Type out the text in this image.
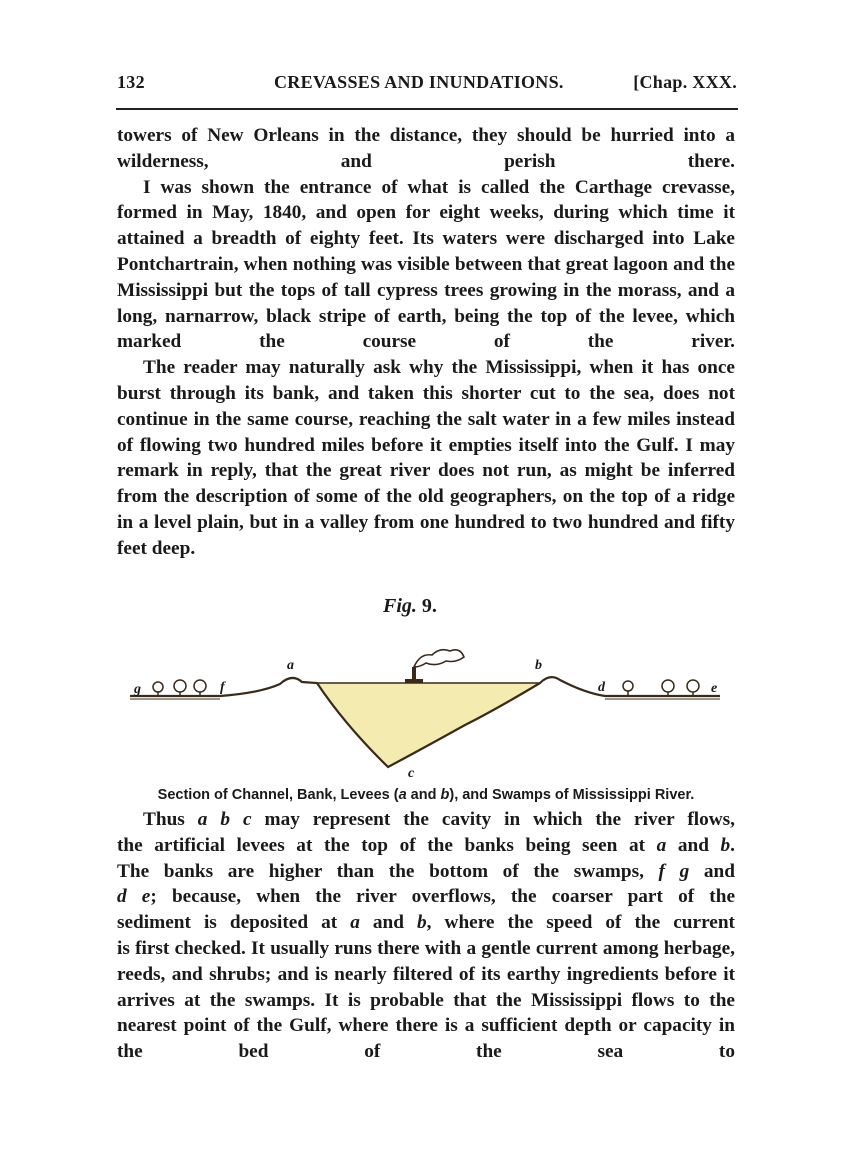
132	CREVASSES AND INUNDATIONS.	[Chap. XXX.

towers of New Orleans in the distance, they should be hurried into a wilderness, and perish there.

I was shown the entrance of what is called the Carthage crevasse, formed in May, 1840, and open for eight weeks, during which time it attained a breadth of eighty feet. Its waters were discharged into Lake Pontchartrain, when nothing was visible between that great lagoon and the Mississippi but the tops of tall cypress trees growing in the morass, and a long, narnarrow, black stripe of earth, being the top of the levee, which marked the course of the river.

The reader may naturally ask why the Mississippi, when it has once burst through its bank, and taken this shorter cut to the sea, does not continue in the same course, reaching the salt water in a few miles instead of flowing two hundred miles before it empties itself into the Gulf. I may remark in reply, that the great river does not run, as might be inferred from the description of some of the old geographers, on the top of a ridge in a level plain, but in a valley from one hundred to two hundred and fifty feet deep.

Fig. 9.
g	f
a	b
d	e
c
Section of Channel, Bank, Levees (a and b), and Swamps of Mississippi River.

Thus a b c may represent the cavity in which the river flows,

the artificial levees at the top of the banks being seen at a and b.

The banks are higher than the bottom of the swamps, f g and

d e; because, when the river overflows, the coarser part of the

sediment is deposited at a and b, where the speed of the current

is first checked. It usually runs there with a gentle current among herbage, reeds, and shrubs; and is nearly filtered of its earthy ingredients before it arrives at the swamps. It is probable that the Mississippi flows to the nearest point of the Gulf, where there is a sufficient depth or capacity in the bed of the sea to
